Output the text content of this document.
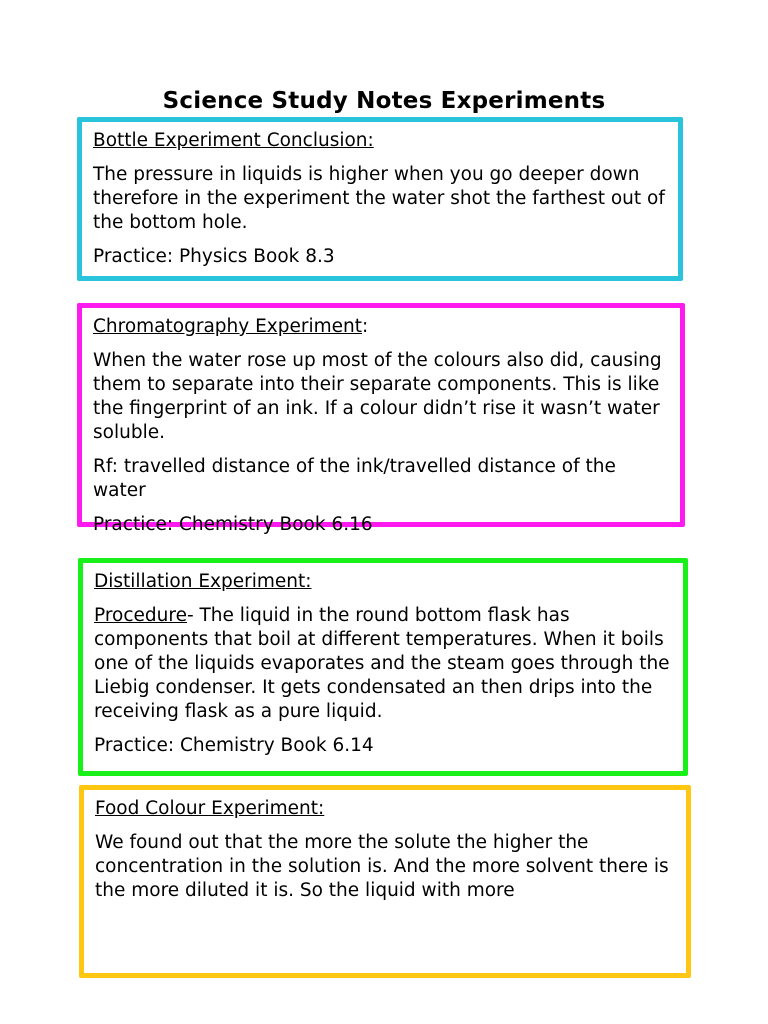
Science Study Notes Experiments

Bottle Experiment Conclusion:

The pressure in liquids is higher when you go deeper down therefore in the experiment the water shot the farthest out of the bottom hole.

Practice: Physics Book 8.3

Chromatography Experiment:

When the water rose up most of the colours also did, causing them to separate into their separate components. This is like the fingerprint of an ink. If a colour didn’t rise it wasn’t water soluble.

Rf: travelled distance of the ink/travelled distance of the water

Practice: Chemistry Book 6.16

Distillation Experiment:

Procedure- The liquid in the round bottom flask has components that boil at different temperatures. When it boils one of the liquids evaporates and the steam goes through the Liebig condenser. It gets condensated an then drips into the receiving flask as a pure liquid.

Practice: Chemistry Book 6.14

Food Colour Experiment:

We found out that the more the solute the higher the concentration in the solution is. And the more solvent there is the more diluted it is. So the liquid with more
